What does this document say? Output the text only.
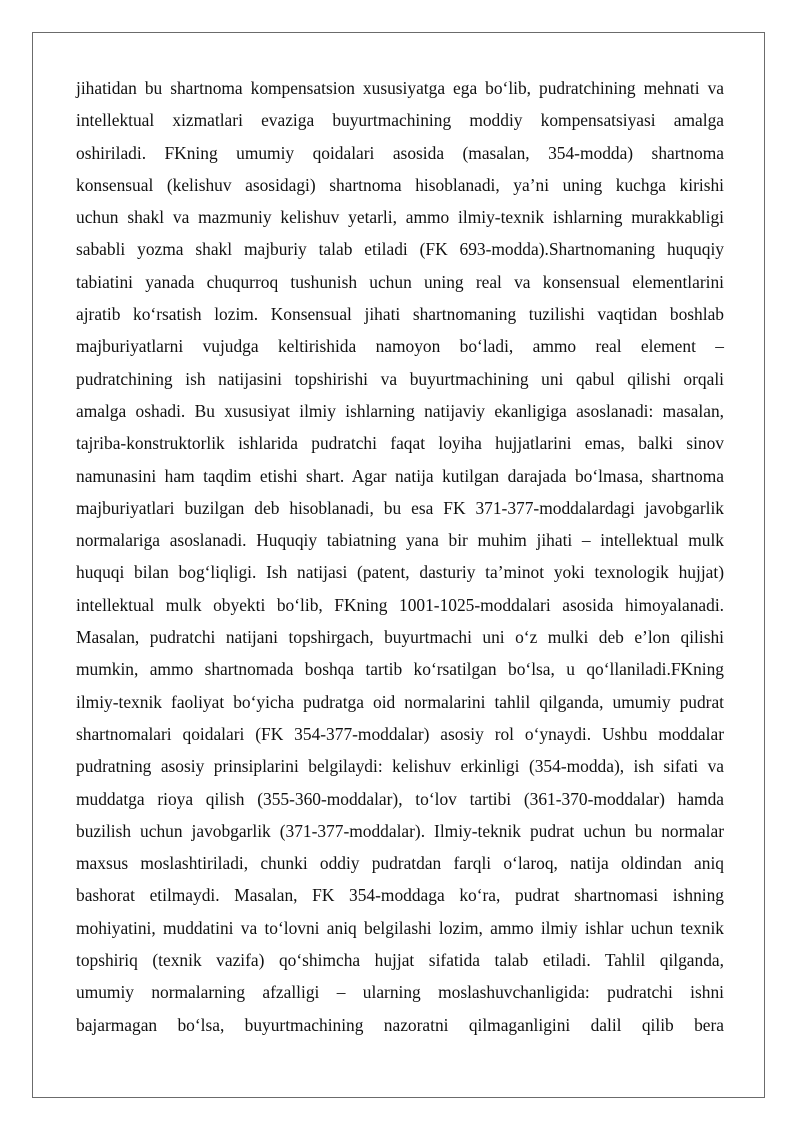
jihatidan bu shartnoma kompensatsion xususiyatga ega bo‘lib, pudratchining mehnati va
intellektual xizmatlari evaziga buyurtmachining moddiy kompensatsiyasi amalga
oshiriladi. FKning umumiy qoidalari asosida (masalan, 354-modda) shartnoma
konsensual (kelishuv asosidagi) shartnoma hisoblanadi, ya’ni uning kuchga kirishi
uchun shakl va mazmuniy kelishuv yetarli, ammo ilmiy-texnik ishlarning murakkabligi
sababli yozma shakl majburiy talab etiladi (FK 693-modda).Shartnomaning huquqiy
tabiatini yanada chuqurroq tushunish uchun uning real va konsensual elementlarini
ajratib ko‘rsatish lozim. Konsensual jihati shartnomaning tuzilishi vaqtidan boshlab
majburiyatlarni vujudga keltirishida namoyon bo‘ladi, ammo real element –
pudratchining ish natijasini topshirishi va buyurtmachining uni qabul qilishi orqali
amalga oshadi. Bu xususiyat ilmiy ishlarning natijaviy ekanligiga asoslanadi: masalan,
tajriba-konstruktorlik ishlarida pudratchi faqat loyiha hujjatlarini emas, balki sinov
namunasini ham taqdim etishi shart. Agar natija kutilgan darajada bo‘lmasa, shartnoma
majburiyatlari buzilgan deb hisoblanadi, bu esa FK 371-377-moddalardagi javobgarlik
normalariga asoslanadi. Huquqiy tabiatning yana bir muhim jihati – intellektual mulk
huquqi bilan bog‘liqligi. Ish natijasi (patent, dasturiy ta’minot yoki texnologik hujjat)
intellektual mulk obyekti bo‘lib, FKning 1001-1025-moddalari asosida himoyalanadi.
Masalan, pudratchi natijani topshirgach, buyurtmachi uni o‘z mulki deb e’lon qilishi
mumkin, ammo shartnomada boshqa tartib ko‘rsatilgan bo‘lsa, u qo‘llaniladi.FKning
ilmiy-texnik faoliyat bo‘yicha pudratga oid normalarini tahlil qilganda, umumiy pudrat
shartnomalari qoidalari (FK 354-377-moddalar) asosiy rol o‘ynaydi. Ushbu moddalar
pudratning asosiy prinsiplarini belgilaydi: kelishuv erkinligi (354-modda), ish sifati va
muddatga rioya qilish (355-360-moddalar), to‘lov tartibi (361-370-moddalar) hamda
buzilish uchun javobgarlik (371-377-moddalar). Ilmiy-teknik pudrat uchun bu normalar
maxsus moslashtiriladi, chunki oddiy pudratdan farqli o‘laroq, natija oldindan aniq
bashorat etilmaydi. Masalan, FK 354-moddaga ko‘ra, pudrat shartnomasi ishning
mohiyatini, muddatini va to‘lovni aniq belgilashi lozim, ammo ilmiy ishlar uchun texnik
topshiriq (texnik vazifa) qo‘shimcha hujjat sifatida talab etiladi. Tahlil qilganda,
umumiy normalarning afzalligi – ularning moslashuvchanligida: pudratchi ishni
bajarmagan bo‘lsa, buyurtmachining nazoratni qilmaganligini dalil qilib bera
